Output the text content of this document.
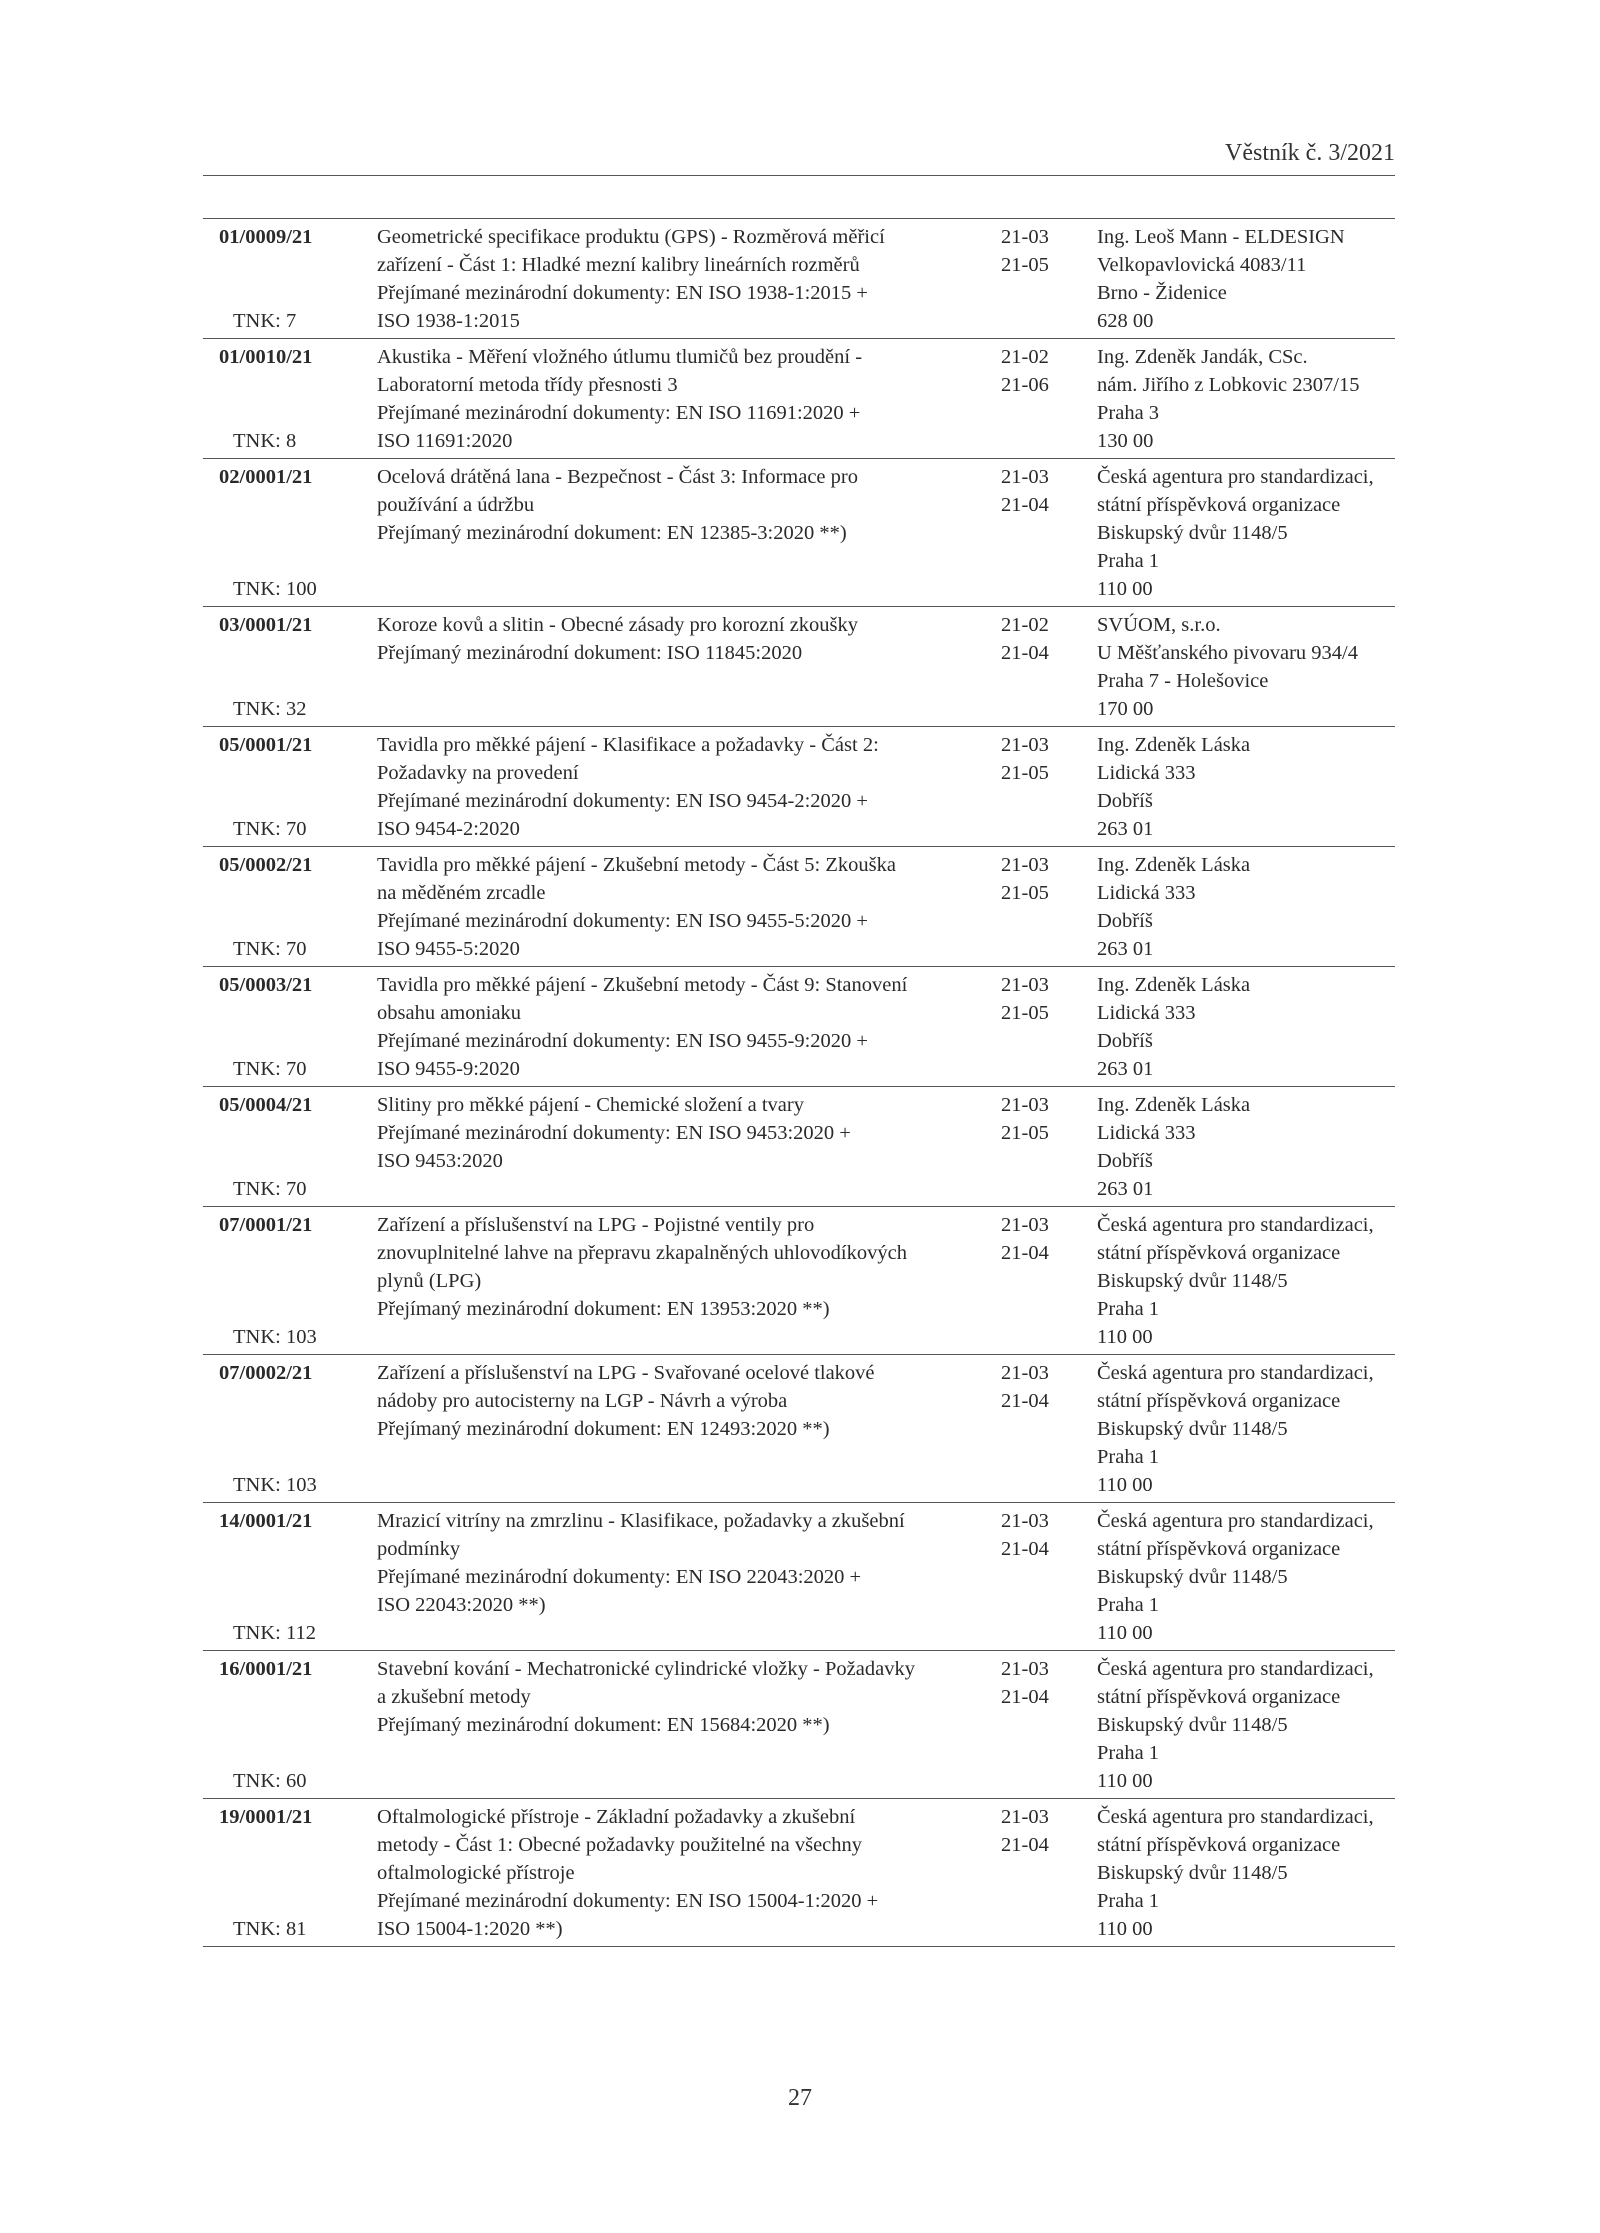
Věstník č. 3/2021
01/0009/21
TNK: 7
Geometrické specifikace produktu (GPS) - Rozměrová měřicí
zařízení - Část 1: Hladké mezní kalibry lineárních rozměrů
Přejímané mezinárodní dokumenty: EN ISO 1938-1:2015 +
ISO 1938-1:2015
21-03
21-05
Ing. Leoš Mann - ELDESIGN
Velkopavlovická 4083/11
Brno - Židenice
628 00
01/0010/21
TNK: 8
Akustika - Měření vložného útlumu tlumičů bez proudění -
Laboratorní metoda třídy přesnosti 3
Přejímané mezinárodní dokumenty: EN ISO 11691:2020 +
ISO 11691:2020
21-02
21-06
Ing. Zdeněk Jandák, CSc.
nám. Jiřího z Lobkovic 2307/15
Praha 3
130 00
02/0001/21
TNK: 100
Ocelová drátěná lana - Bezpečnost - Část 3: Informace pro
používání a údržbu
Přejímaný mezinárodní dokument: EN 12385-3:2020 **)
21-03
21-04
Česká agentura pro standardizaci,
státní příspěvková organizace
Biskupský dvůr 1148/5
Praha 1
110 00
03/0001/21
TNK: 32
Koroze kovů a slitin - Obecné zásady pro korozní zkoušky
Přejímaný mezinárodní dokument: ISO 11845:2020
21-02
21-04
SVÚOM, s.r.o.
U Měšťanského pivovaru 934/4
Praha 7 - Holešovice
170 00
05/0001/21
TNK: 70
Tavidla pro měkké pájení - Klasifikace a požadavky - Část 2:
Požadavky na provedení
Přejímané mezinárodní dokumenty: EN ISO 9454-2:2020 +
ISO 9454-2:2020
21-03
21-05
Ing. Zdeněk Láska
Lidická 333
Dobříš
263 01
05/0002/21
TNK: 70
Tavidla pro měkké pájení - Zkušební metody - Část 5: Zkouška
na měděném zrcadle
Přejímané mezinárodní dokumenty: EN ISO 9455-5:2020 +
ISO 9455-5:2020
21-03
21-05
Ing. Zdeněk Láska
Lidická 333
Dobříš
263 01
05/0003/21
TNK: 70
Tavidla pro měkké pájení - Zkušební metody - Část 9: Stanovení
obsahu amoniaku
Přejímané mezinárodní dokumenty: EN ISO 9455-9:2020 +
ISO 9455-9:2020
21-03
21-05
Ing. Zdeněk Láska
Lidická 333
Dobříš
263 01
05/0004/21
TNK: 70
Slitiny pro měkké pájení - Chemické složení a tvary
Přejímané mezinárodní dokumenty: EN ISO 9453:2020 +
ISO 9453:2020
21-03
21-05
Ing. Zdeněk Láska
Lidická 333
Dobříš
263 01
07/0001/21
TNK: 103
Zařízení a příslušenství na LPG - Pojistné ventily pro
znovuplnitelné lahve na přepravu zkapalněných uhlovodíkových
plynů (LPG)
Přejímaný mezinárodní dokument: EN 13953:2020 **)
21-03
21-04
Česká agentura pro standardizaci,
státní příspěvková organizace
Biskupský dvůr 1148/5
Praha 1
110 00
07/0002/21
TNK: 103
Zařízení a příslušenství na LPG - Svařované ocelové tlakové
nádoby pro autocisterny na LGP - Návrh a výroba
Přejímaný mezinárodní dokument: EN 12493:2020 **)
21-03
21-04
Česká agentura pro standardizaci,
státní příspěvková organizace
Biskupský dvůr 1148/5
Praha 1
110 00
14/0001/21
TNK: 112
Mrazicí vitríny na zmrzlinu - Klasifikace, požadavky a zkušební
podmínky
Přejímané mezinárodní dokumenty: EN ISO 22043:2020 +
ISO 22043:2020 **)
21-03
21-04
Česká agentura pro standardizaci,
státní příspěvková organizace
Biskupský dvůr 1148/5
Praha 1
110 00
16/0001/21
TNK: 60
Stavební kování - Mechatronické cylindrické vložky - Požadavky
a zkušební metody
Přejímaný mezinárodní dokument: EN 15684:2020 **)
21-03
21-04
Česká agentura pro standardizaci,
státní příspěvková organizace
Biskupský dvůr 1148/5
Praha 1
110 00
19/0001/21
TNK: 81
Oftalmologické přístroje - Základní požadavky a zkušební
metody - Část 1: Obecné požadavky použitelné na všechny
oftalmologické přístroje
Přejímané mezinárodní dokumenty: EN ISO 15004-1:2020 +
ISO 15004-1:2020 **)
21-03
21-04
Česká agentura pro standardizaci,
státní příspěvková organizace
Biskupský dvůr 1148/5
Praha 1
110 00
27
